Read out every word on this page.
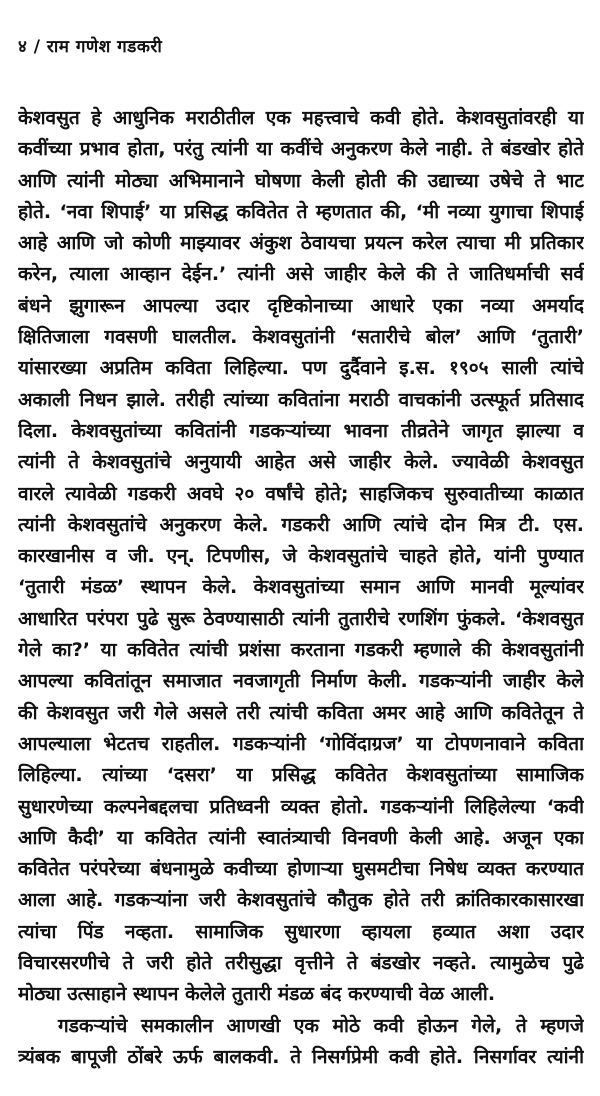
४ / राम गणेश गडकरी
केशवसुत हे आधुनिक मराठीतील एक महत्त्वाचे कवी होते. केशवसुतांवरही या
कवींच्या प्रभाव होता, परंतु त्यांनी या कवींचे अनुकरण केले नाही. ते बंडखोर होते
आणि त्यांनी मोठ्या अभिमानाने घोषणा केली होती की उद्याच्या उषेचे ते भाट
होते. ‘नवा शिपाई’ या प्रसिद्ध कवितेत ते म्हणतात की, ‘मी नव्या युगाचा शिपाई
आहे आणि जो कोणी माझ्यावर अंकुश ठेवायचा प्रयत्न करेल त्याचा मी प्रतिकार
करेन, त्याला आव्हान देईन.’ त्यांनी असे जाहीर केले की ते जातिधर्माची सर्व
बंधने झुगारून आपल्या उदार दृष्टिकोनाच्या आधारे एका नव्या अमर्याद
क्षितिजाला गवसणी घालतील. केशवसुतांनी ‘सतारीचे बोल’ आणि ‘तुतारी’
यांसारख्या अप्रतिम कविता लिहिल्या. पण दुर्दैवाने इ.स. १९०५ साली त्यांचे
अकाली निधन झाले. तरीही त्यांच्या कवितांना मराठी वाचकांनी उत्स्फूर्त प्रतिसाद
दिला. केशवसुतांच्या कवितांनी गडकऱ्यांच्या भावना तीव्रतेने जागृत झाल्या व
त्यांनी ते केशवसुतांचे अनुयायी आहेत असे जाहीर केले. ज्यावेळी केशवसुत
वारले त्यावेळी गडकरी अवघे २० वर्षांचे होते; साहजिकच सुरुवातीच्या काळात
त्यांनी केशवसुतांचे अनुकरण केले. गडकरी आणि त्यांचे दोन मित्र टी. एस.
कारखानीस व जी. एन्. टिपणीस, जे केशवसुतांचे चाहते होते, यांनी पुण्यात
‘तुतारी मंडळ’ स्थापन केले. केशवसुतांच्या समान आणि मानवी मूल्यांवर
आधारित परंपरा पुढे सुरू ठेवण्यासाठी त्यांनी तुतारीचे रणशिंग फुंकले. ‘केशवसुत
गेले का?’ या कवितेत त्यांची प्रशंसा करताना गडकरी म्हणाले की केशवसुतांनी
आपल्या कवितांतून समाजात नवजागृती निर्माण केली. गडकऱ्यांनी जाहीर केले
की केशवसुत जरी गेले असले तरी त्यांची कविता अमर आहे आणि कवितेतून ते
आपल्याला भेटतच राहतील. गडकऱ्यांनी ‘गोविंदाग्रज’ या टोपणनावाने कविता
लिहिल्या. त्यांच्या ‘दसरा’ या प्रसिद्ध कवितेत केशवसुतांच्या सामाजिक
सुधारणेच्या कल्पनेबद्दलचा प्रतिध्वनी व्यक्त होतो. गडकऱ्यांनी लिहिलेल्या ‘कवी
आणि कैदी’ या कवितेत त्यांनी स्वातंत्र्याची विनवणी केली आहे. अजून एका
कवितेत परंपरेच्या बंधनामुळे कवीच्या होणाऱ्या घुसमटीचा निषेध व्यक्त करण्यात
आला आहे. गडकऱ्यांना जरी केशवसुतांचे कौतुक होते तरी क्रांतिकारकासारखा
त्यांचा पिंड नव्हता. सामाजिक सुधारणा व्हायला हव्यात अशा उदार
विचारसरणीचे ते जरी होते तरीसुद्धा वृत्तीने ते बंडखोर नव्हते. त्यामुळेच पुढे
मोठ्या उत्साहाने स्थापन केलेले तुतारी मंडळ बंद करण्याची वेळ आली.
गडकऱ्यांचे समकालीन आणखी एक मोठे कवी होऊन गेले, ते म्हणजे
त्र्यंबक बापूजी ठोंबरे ऊर्फ बालकवी. ते निसर्गप्रेमी कवी होते. निसर्गावर त्यांनी
